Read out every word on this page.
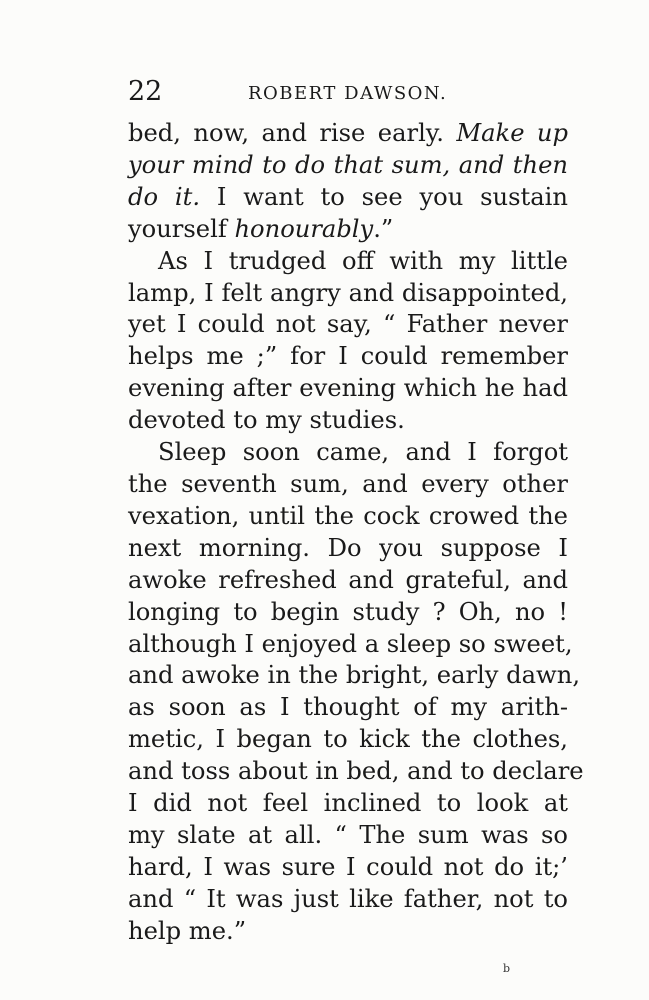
22	ROBERT DAWSON.

bed, now, and rise early. Make up
your mind to do that sum, and then
do it. I want to see you sustain
yourself honourably.”

As I trudged off with my little
lamp, I felt angry and disappointed,
yet I could not say, “ Father never
helps me ;” for I could remember
evening after evening which he had
devoted to my studies.

Sleep soon came, and I forgot
the seventh sum, and every other
vexation, until the cock crowed the
next morning. Do you suppose I
awoke refreshed and grateful, and
longing to begin study ? Oh, no !
although I enjoyed a sleep so sweet,
and awoke in the bright, early dawn,
as soon as I thought of my arith-
metic, I began to kick the clothes,
and toss about in bed, and to declare
I did not feel inclined to look at
my slate at all. “ The sum was so
hard, I was sure I could not do it;’
and “ It was just like father, not to
help me.”

b
